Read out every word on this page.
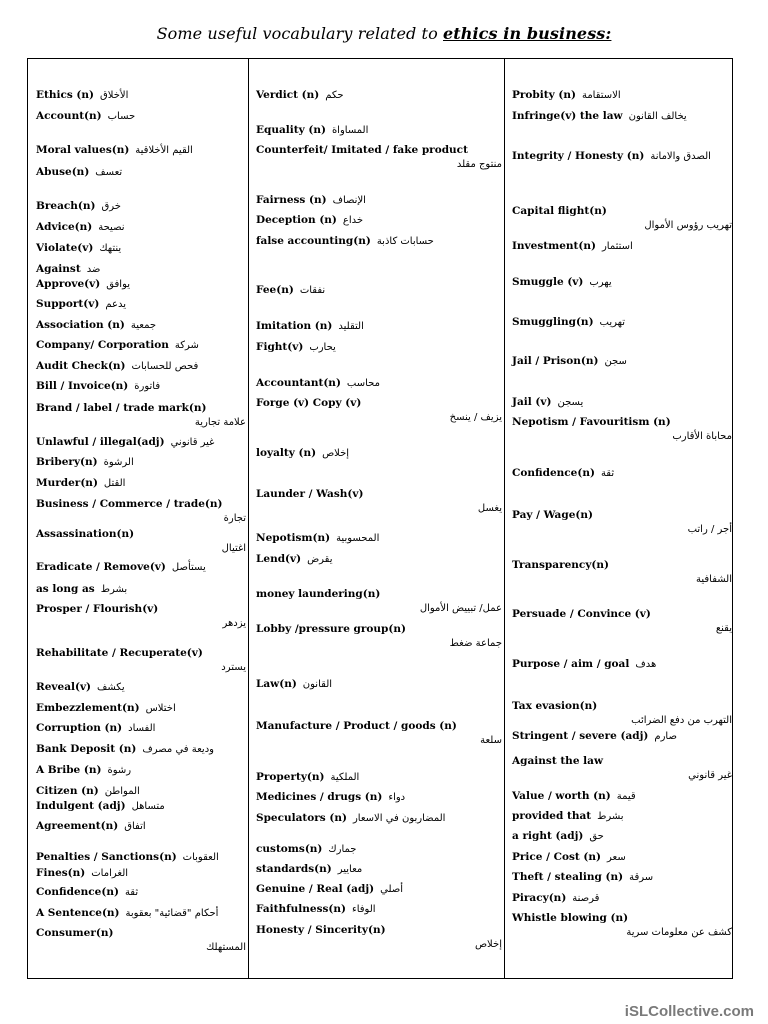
Some useful vocabulary related to ethics in business:
Ethics (n) الأخلاق
Account(n) حساب
Moral values(n) القيم الأخلاقية
Abuse(n) تعسف
Breach(n) خرق
Advice(n) نصيحة
Violate(v) ينتهك
Against ضد
Approve(v) يوافق
Support(v) يدعم
Association (n) جمعية
Company/ Corporation شركة
Audit Check(n) فحص للحسابات
Bill / Invoice(n) فاتورة
Brand / label / trade mark(n)
علامة تجارية
Unlawful / illegal(adj) غير قانوني
Bribery(n) الرشوة
Murder(n) القتل
Business / Commerce / trade(n)
تجارة
Assassination(n)
اغتيال
Eradicate / Remove(v) يستأصل
as long as بشرط
Prosper / Flourish(v)
يزدهر
Rehabilitate / Recuperate(v)
يسترد
Reveal(v) يكشف
Embezzlement(n) اختلاس
Corruption (n) الفساد
Bank Deposit (n) وديعة في مصرف
A Bribe (n) رشوة
Citizen (n) المواطن
Indulgent (adj) متساهل
Agreement(n) اتفاق
Penalties / Sanctions(n) العقوبات
Fines(n) الغرامات
Confidence(n) ثقة
A Sentence(n) أحكام "قضائية" بعقوبة
Consumer(n)
المستهلك
Verdict (n) حكم
Equality (n) المساواة
Counterfeit/ Imitated / fake product
منتوج مقلد
Fairness (n) الإنصاف
Deception (n) خداع
false accounting(n) حسابات كاذبة
Fee(n) نفقات
Imitation (n) التقليد
Fight(v) يحارب
Accountant(n) محاسب
Forge (v) Copy (v)
يزيف / ينسخ
loyalty (n) إخلاص
Launder / Wash(v)
يغسل
Nepotism(n) المحسوبية
Lend(v) يقرض
money laundering(n)
عمل/ تبييض الأموال
Lobby /pressure group(n)
جماعة ضغط
Law(n) القانون
Manufacture / Product / goods (n)
سلعة
Property(n) الملكية
Medicines / drugs (n) دواء
Speculators (n) المضاربون في الاسعار
customs(n) جمارك
standards(n) معايير
Genuine / Real (adj) أصلي
Faithfulness(n) الوفاء
Honesty / Sincerity(n)
إخلاص
Probity (n) الاستقامة
Infringe(v) the law يخالف القانون
Integrity / Honesty (n) الصدق والامانة
Capital flight(n)
تهريب رؤوس الأموال
Investment(n) استثمار
Smuggle (v) يهرب
Smuggling(n) تهريب
Jail / Prison(n) سجن
Jail (v) يسجن
Nepotism / Favouritism (n)
محاباة الأقارب
Confidence(n) ثقة
Pay / Wage(n)
أجر / راتب
Transparency(n)
الشفافية
Persuade / Convince (v)
يقنع
Purpose / aim / goal هدف
Tax evasion(n)
التهرب من دفع الضرائب
Stringent / severe (adj) صارم
Against the law
غير قانوني
Value / worth (n) قيمة
provided that بشرط
a right (adj) حق
Price / Cost (n) سعر
Theft / stealing (n) سرقة
Piracy(n) قرصنة
Whistle blowing (n)
كشف عن معلومات سرية
iSLCollective.com
